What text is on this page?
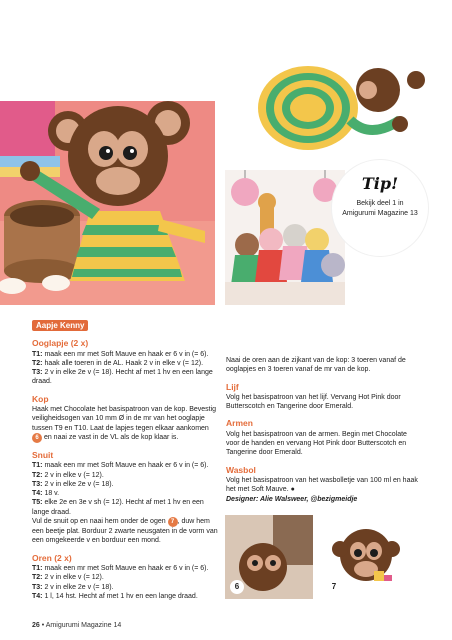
Tip!
Bekijk deel 1 in Amigurumi Magazine 13
Aapje Kenny

Ooglapje (2 x)

T1: maak een mr met Soft Mauve en haak er 6 v in (= 6).

T2: haak alle toeren in de AL. Haak 2 v in elke v (= 12).

T3: 2 v in elke 2e v (= 18). Hecht af met 1 hv en een lange draad.

Kop

Haak met Chocolate het basispatroon van de kop. Bevestig veiligheidsogen van 10 mm Ø in de mr van het ooglapje tussen T9 en T10. Laat de lapjes tegen elkaar aankomen 6 en naai ze vast in de VL als de kop klaar is.

Snuit

T1: maak een mr met Soft Mauve en haak er 6 v in (= 6).

T2: 2 v in elke v (= 12).

T3: 2 v in elke 2e v (= 18).

T4: 18 v.

T5: elke 2e en 3e v sh (= 12). Hecht af met 1 hv en een lange draad.

Vul de snuit op en naai hem onder de ogen 7 , duw hem een beetje plat. Borduur 2 zwarte neusgaten in de vorm van een omgekeerde v en borduur een mond.

Oren (2 x)

T1: maak een mr met Soft Mauve en haak er 6 v in (= 6).

T2: 2 v in elke v (= 12).

T3: 2 v in elke 2e v (= 18).

T4: 1 l, 14 hst. Hecht af met 1 hv en een lange draad.

Naai de oren aan de zijkant van de kop: 3 toeren vanaf de ooglapjes en 3 toeren vanaf de mr van de kop.

Lijf

Volg het basispatroon van het lijf. Vervang Hot Pink door Butterscotch en Tangerine door Emerald.

Armen

Volg het basispatroon van de armen. Begin met Chocolate voor de handen en vervang Hot Pink door Butterscotch en Tangerine door Emerald.

Wasbol

Volg het basispatroon van het wasbolletje van 100 ml en haak het met Soft Mauve. ●

Designer: Alie Walsweer, @bezigmeidje

6	7
26 • Amigurumi Magazine 14
